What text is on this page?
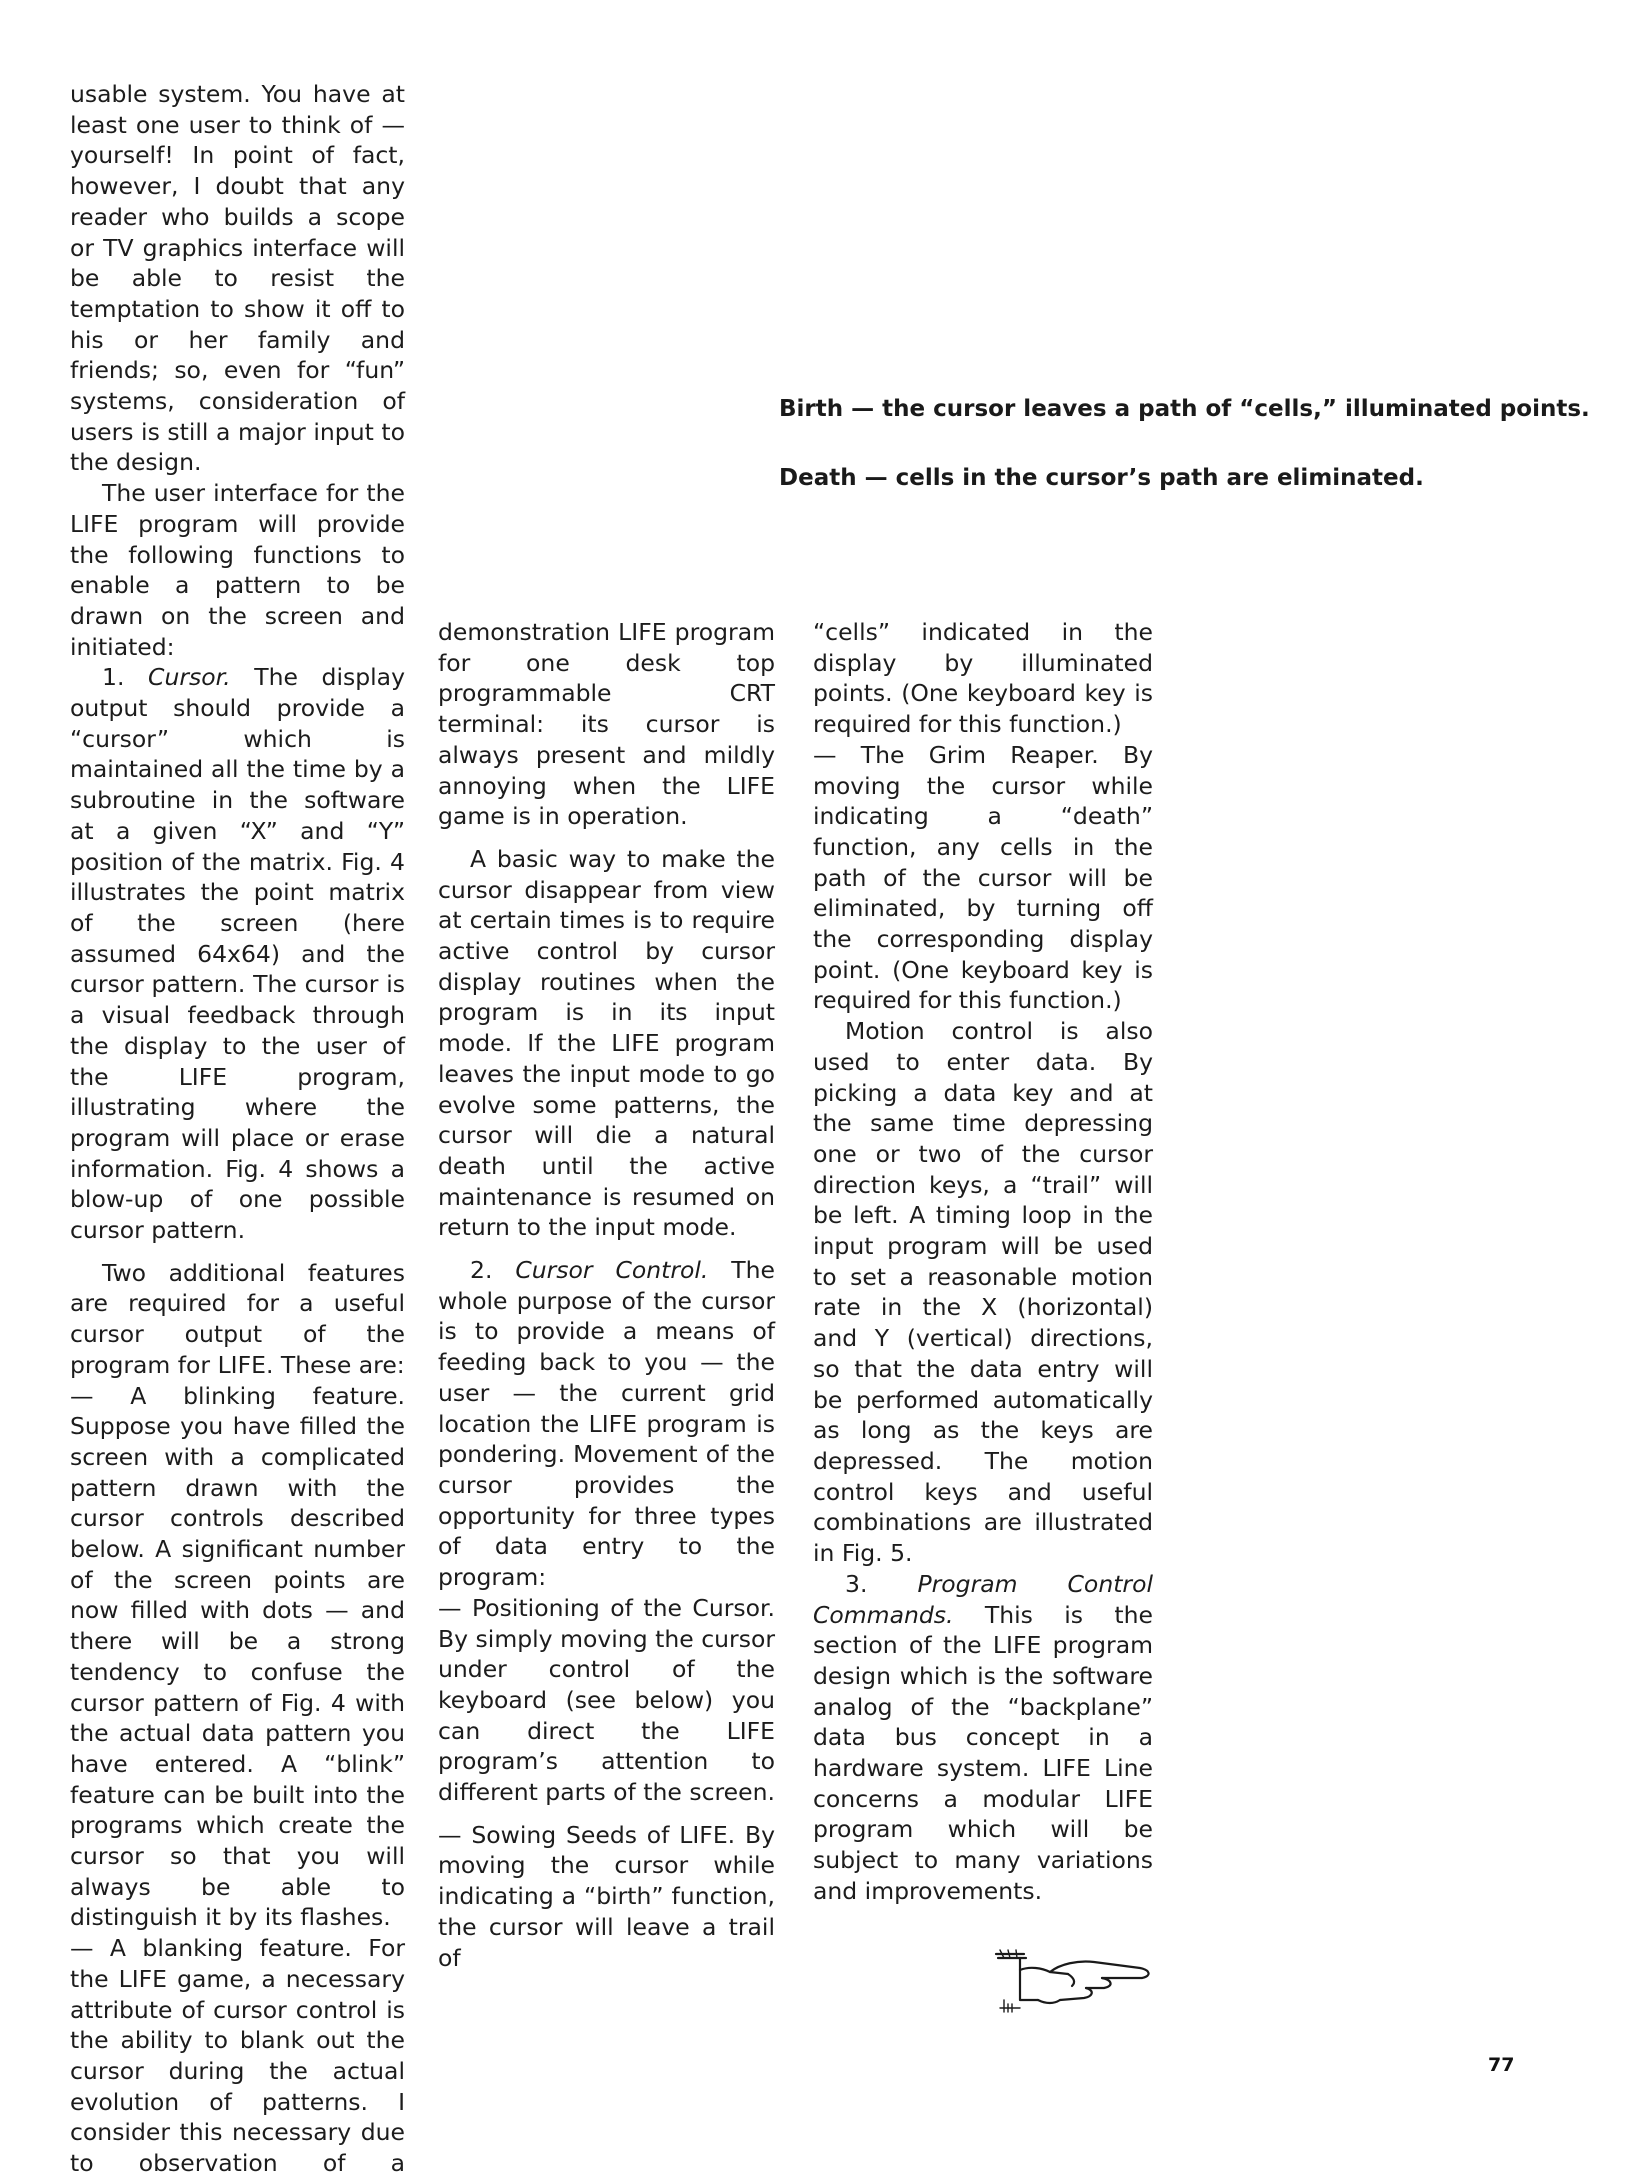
Birth — the cursor leaves a path of “cells,” illuminated points.
Death — cells in the cursor’s path are eliminated.

usable system. You have at least one user to think of — yourself! In point of fact, however, I doubt that any reader who builds a scope or TV graphics interface will be able to resist the temptation to show it off to his or her family and friends; so, even for “fun” systems, consideration of users is still a major input to the design.

The user interface for the LIFE program will provide the following functions to enable a pattern to be drawn on the screen and initiated:

1. Cursor. The display output should provide a “cursor” which is maintained all the time by a subroutine in the software at a given “X” and “Y” position of the matrix. Fig. 4 illustrates the point matrix of the screen (here assumed 64x64) and the cursor pattern. The cursor is a visual feedback through the display to the user of the LIFE program, illustrating where the program will place or erase information. Fig. 4 shows a blow-up of one possible cursor pattern.

Two additional features are required for a useful cursor output of the program for LIFE. These are:

— A blinking feature. Suppose you have filled the screen with a complicated pattern drawn with the cursor controls described below. A significant number of the screen points are now filled with dots — and there will be a strong tendency to confuse the cursor pattern of Fig. 4 with the actual data pattern you have entered. A “blink” feature can be built into the programs which create the cursor so that you will always be able to distinguish it by its flashes.

— A blanking feature. For the LIFE game, a necessary attribute of cursor control is the ability to blank out the cursor during the actual evolution of patterns. I consider this necessary due to observation of a

demonstration LIFE program for one desk top programmable CRT terminal: its cursor is always present and mildly annoying when the LIFE game is in operation.

A basic way to make the cursor disappear from view at certain times is to require active control by cursor display routines when the program is in its input mode. If the LIFE program leaves the input mode to go evolve some patterns, the cursor will die a natural death until the active maintenance is resumed on return to the input mode.

2. Cursor Control. The whole purpose of the cursor is to provide a means of feeding back to you — the user — the current grid location the LIFE program is pondering. Movement of the cursor provides the opportunity for three types of data entry to the program:

— Positioning of the Cursor. By simply moving the cursor under control of the keyboard (see below) you can direct the LIFE program’s attention to different parts of the screen.

— Sowing Seeds of LIFE. By moving the cursor while indicating a “birth” function, the cursor will leave a trail of

“cells” indicated in the display by illuminated points. (One keyboard key is required for this function.)

— The Grim Reaper. By moving the cursor while indicating a “death” function, any cells in the path of the cursor will be eliminated, by turning off the corresponding display point. (One keyboard key is required for this function.)

Motion control is also used to enter data. By picking a data key and at the same time depressing one or two of the cursor direction keys, a “trail” will be left. A timing loop in the input program will be used to set a reasonable motion rate in the X (horizontal) and Y (vertical) directions, so that the data entry will be performed automatically as long as the keys are depressed. The motion control keys and useful combinations are illustrated in Fig. 5.

3. Program Control Commands. This is the section of the LIFE program design which is the software analog of the “backplane” data bus concept in a hardware system. LIFE Line concerns a modular LIFE program which will be subject to many variations and improvements.

77
